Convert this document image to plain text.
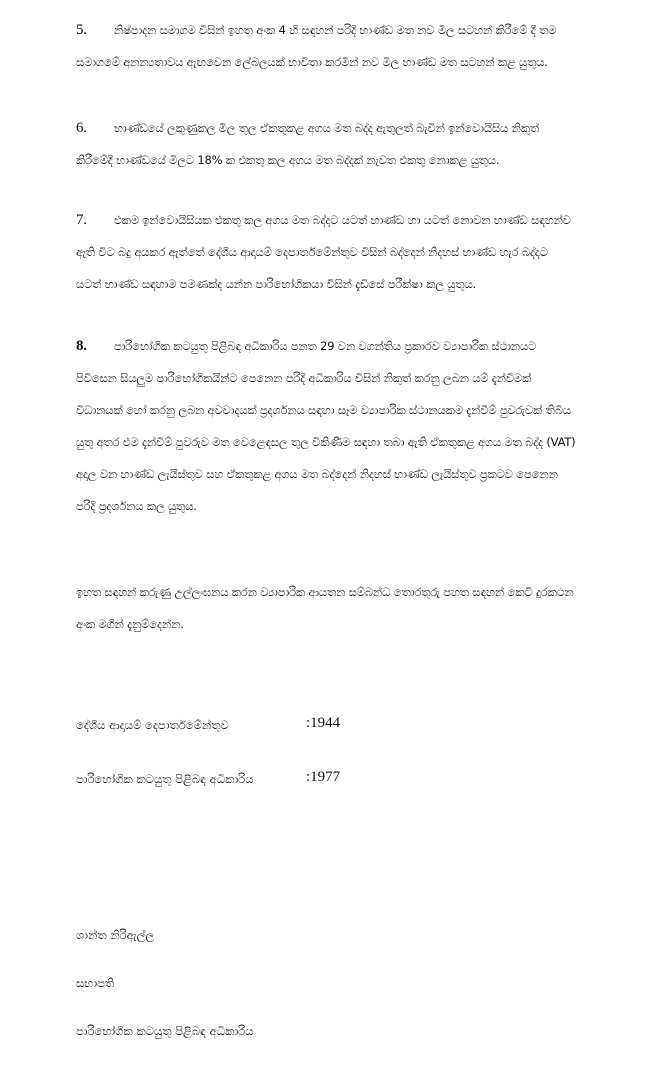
5. නිෂ්පාදන සමාගම විසින් ඉහත අංක 4 හි සඳහන් පරිදි භාණ්ඩ මත නව මිල සටහන් කිරීමේ දී තම සමාගමේ අනන්‍යතාවය ඇඟවෙන ලේබලයක් භාවිතා කරමින් නව මිල භාණ්ඩ මත සටහන් කළ යුතුය.
6. භාණ්ඩයේ ලකුණුකල මිල තුල ඒකතුකළ අගය මත බද්ද ඇතුලත් බැවින් ඉන්වොයිසිය නිකුත් කිරීමේදී භාණ්ඩයේ මිලට 18% ක එකතු කල අගය මත බද්දක් නැවත එකතු නොකළ යුතුය.
7. එකම ඉන්වොයිසියක එකතු කල අගය මත බද්දට යටත් භාණ්ඩ හා යටත් නොවන භාණ්ඩ සඳහන්ව ඇති විට බදු අයකර ඇත්තේ දේශීය ආදායම් දෙපාර්තමේන්තුව විසින් බද්දෙන් නිදහස් භාණ්ඩ හැර බද්දට යටත් භාණ්ඩ සඳහාම පමණක්ද යන්න පාරිභෝගිකයා විසින් දැඩිසේ පරීක්ෂා කල යුතුය.
8. පාරිභෝගික කටයුතු පිළිබඳ අධිකාරිය පනත 29 වන වගන්තිය ප්‍රකාරව ව්‍යාපාරික ස්ථානයට පිවිසෙන සියලුම පාරිභෝගිකයින්ට පෙනෙන පරිදි අධිකාරිය විසින් නිකුත් කරනු ලබන යම් දැන්වීමක් විධානයක් හෝ කරනු ලබන අවවාදයක් ප්‍රදර්ශනය සඳහා සෑම ව්‍යාපාරික ස්ථානයකම දැන්වීම් පුවරුවක් තිබිය යුතු අතර එම දැන්වීම් පුවරුව මත වෙළෙඳසල තුල විකිණීම සඳහා තබා ඇති ඒකතුකළ අගය මත බද්ද (VAT) අදාල වන භාණ්ඩ ලැයිස්තුව සහ ඒකතුකළ අගය මත බද්දෙන් නිදහස් භාණ්ඩ ලැයිස්තුව ප්‍රකටව පෙනෙන පරිදි ප්‍රදර්ශනය කල යුතුය.
ඉහත සඳහන් කරුණු උල්ලංඝනය කරන ව්‍යාපාරික ආයතන සම්බන්ධ තොරතුරු පහත සඳහන් කෙටි දුරකථන අංක මගින් දැනුම්දෙන්න.
දේශීය ආදායම් දෙපාර්තමේන්තුව	:1944
පාරිභෝගික කටයුතු පිළිබඳ අධිකාරිය	:1977
ශාන්ත නිරිඇල්ල
සභාපති
පාරිභෝගික කටයුතු පිළිබඳ අධිකාරිය
